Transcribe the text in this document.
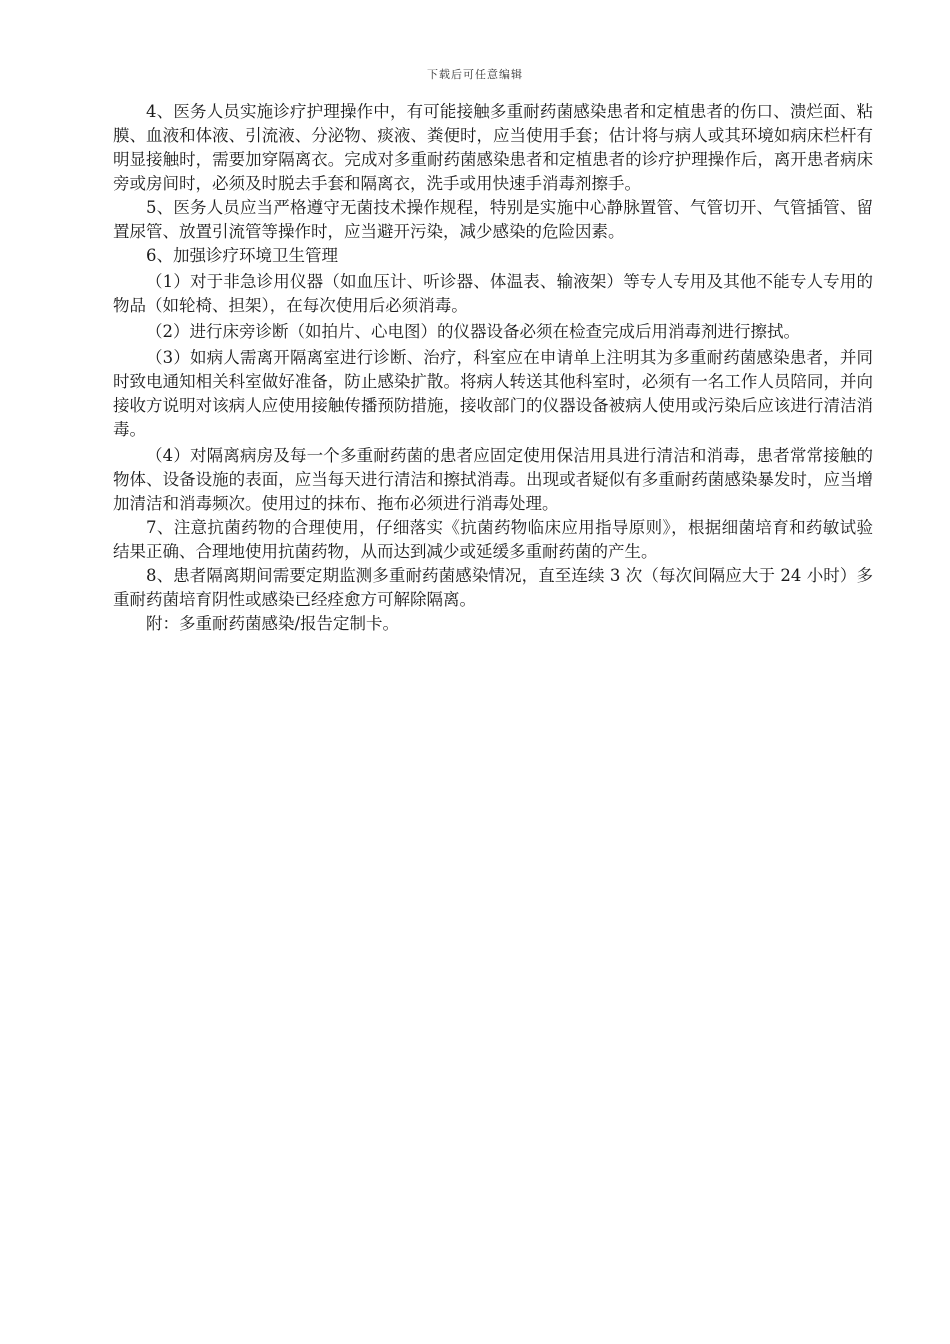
下载后可任意编辑

4、医务人员实施诊疗护理操作中，有可能接触多重耐药菌感染患者和定植患者的伤口、溃烂面、粘膜、血液和体液、引流液、分泌物、痰液、粪便时，应当使用手套；估计将与病人或其环境如病床栏杆有明显接触时，需要加穿隔离衣。完成对多重耐药菌感染患者和定植患者的诊疗护理操作后，离开患者病床旁或房间时，必须及时脱去手套和隔离衣，洗手或用快速手消毒剂擦手。

5、医务人员应当严格遵守无菌技术操作规程，特别是实施中心静脉置管、气管切开、气管插管、留置尿管、放置引流管等操作时，应当避开污染，减少感染的危险因素。

6、加强诊疗环境卫生管理

（1）对于非急诊用仪器（如血压计、听诊器、体温表、输液架）等专人专用及其他不能专人专用的物品（如轮椅、担架），在每次使用后必须消毒。

（2）进行床旁诊断（如拍片、心电图）的仪器设备必须在检查完成后用消毒剂进行擦拭。

（3）如病人需离开隔离室进行诊断、治疗，科室应在申请单上注明其为多重耐药菌感染患者，并同时致电通知相关科室做好准备，防止感染扩散。将病人转送其他科室时，必须有一名工作人员陪同，并向接收方说明对该病人应使用接触传播预防措施，接收部门的仪器设备被病人使用或污染后应该进行清洁消毒。

（4）对隔离病房及每一个多重耐药菌的患者应固定使用保洁用具进行清洁和消毒，患者常常接触的物体、设备设施的表面，应当每天进行清洁和擦拭消毒。出现或者疑似有多重耐药菌感染暴发时，应当增加清洁和消毒频次。使用过的抹布、拖布必须进行消毒处理。

7、注意抗菌药物的合理使用，仔细落实《抗菌药物临床应用指导原则》，根据细菌培育和药敏试验结果正确、合理地使用抗菌药物，从而达到减少或延缓多重耐药菌的产生。

8、患者隔离期间需要定期监测多重耐药菌感染情况，直至连续 3 次（每次间隔应大于 24 小时）多重耐药菌培育阴性或感染已经痊愈方可解除隔离。

附：多重耐药菌感染/报告定制卡。
